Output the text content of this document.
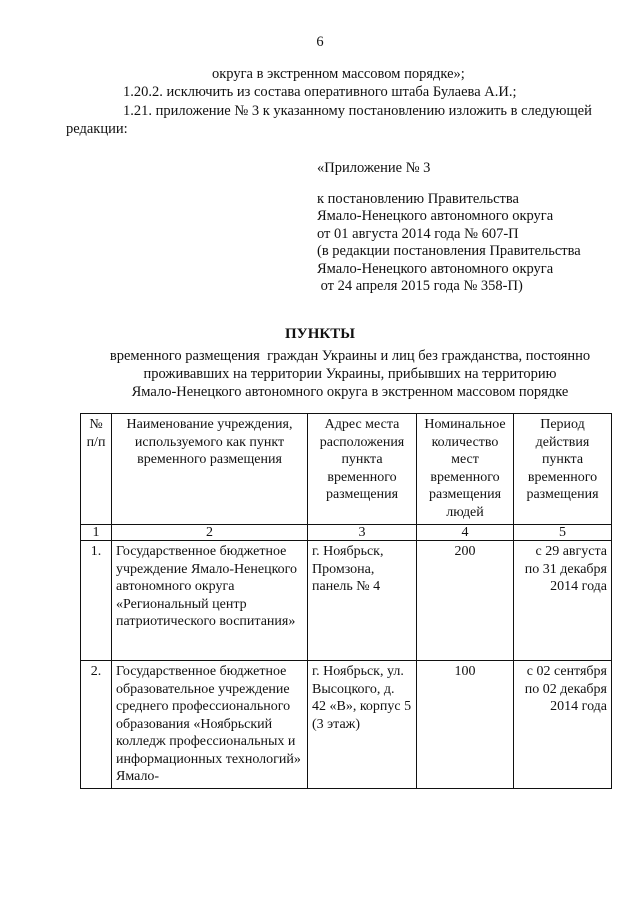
6
округа в экстренном массовом порядке»;
1.20.2. исключить из состава оперативного штаба Булаева А.И.;
1.21. приложение № 3 к указанному постановлению изложить в следующей
редакции:
«Приложение № 3
к постановлению Правительства
Ямало-Ненецкого автономного округа
от 01 августа 2014 года № 607-П
(в редакции постановления Правительства
Ямало-Ненецкого автономного округа
от 24 апреля 2015 года № 358-П)
ПУНКТЫ
временного размещения  граждан Украины и лиц без гражданства, постоянно
проживавших на территории Украины, прибывших на территорию
Ямало-Ненецкого автономного округа в экстренном массовом порядке
№ п/п	Наименование учреждения, используемого как пункт временного размещения	Адрес места расположения пункта временного размещения	Номинальное количество мест временного размещения людей	Период действия пункта временного размещения
1	2	3	4	5
1.	Государственное бюджетное учреждение Ямало-Ненецкого автономного округа «Региональный центр патриотического воспитания»	г. Ноябрьск, Промзона, панель № 4	200	с 29 августа по 31 декабря 2014 года
2.	Государственное бюджетное образовательное учреждение среднего профессионального образования «Ноябрьский колледж профессиональных и информационных технологий» Ямало-	г. Ноябрьск, ул. Высоцкого, д. 42 «В», корпус 5 (3 этаж)	100	с 02 сентября по 02 декабря 2014 года
